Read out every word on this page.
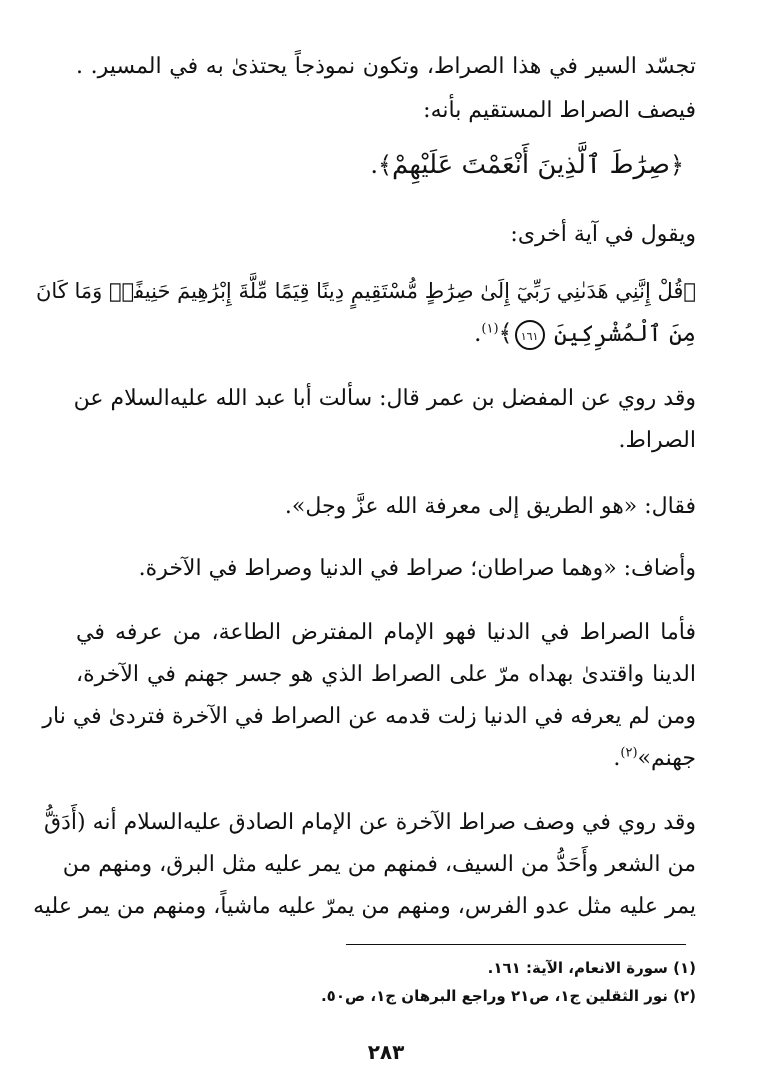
تجسّد السير في هذا الصراط، وتكون نموذجاً يحتذىٰ به في المسير. .
فيصف الصراط المستقيم بأنه:
﴿صِرَٰطَ ٱلَّذِينَ أَنْعَمْتَ عَلَيْهِمْ﴾.
ويقول في آية أخرى:
﴿قُلْ إِنَّنِي هَدَىٰنِي رَبِّيٓ إِلَىٰ صِرَٰطٍ مُّسْتَقِيمٍ دِينًا قِيَمًا مِّلَّةَ إِبْرَٰهِيمَ حَنِيفًاۚ وَمَا كَانَ
مِنَ ٱلْمُشْرِكِينَ ١٦١﴾$^{(١)}$.
وقد روي عن المفضل بن عمر قال: سألت أبا عبد الله عليه‌السلام عن
الصراط.
فقال: «هو الطريق إلى معرفة الله عزَّ وجل».
وأضاف: «وهما صراطان؛ صراط في الدنيا وصراط في الآخرة.
فأما الصراط في الدنيا فهو الإمام المفترض الطاعة، من عرفه في
الدينا واقتدىٰ بهداه مرّ على الصراط الذي هو جسر جهنم في الآخرة،
ومن لم يعرفه في الدنيا زلت قدمه عن الصراط في الآخرة فتردىٰ في نار
جهنم»$^{(٢)}$.
وقد روي في وصف صراط الآخرة عن الإمام الصادق عليه‌السلام أنه (أَدَقُّ
من الشعر وأَحَدُّ من السيف، فمنهم من يمر عليه مثل البرق، ومنهم من
يمر عليه مثل عدو الفرس، ومنهم من يمرّ عليه ماشياً، ومنهم من يمر عليه
(١) سورة الانعام، الآية: ١٦١.
(٢) نور الثقلين ج١، ص٢١ وراجع البرهان ج١، ص٥٠.
٢٨٣
